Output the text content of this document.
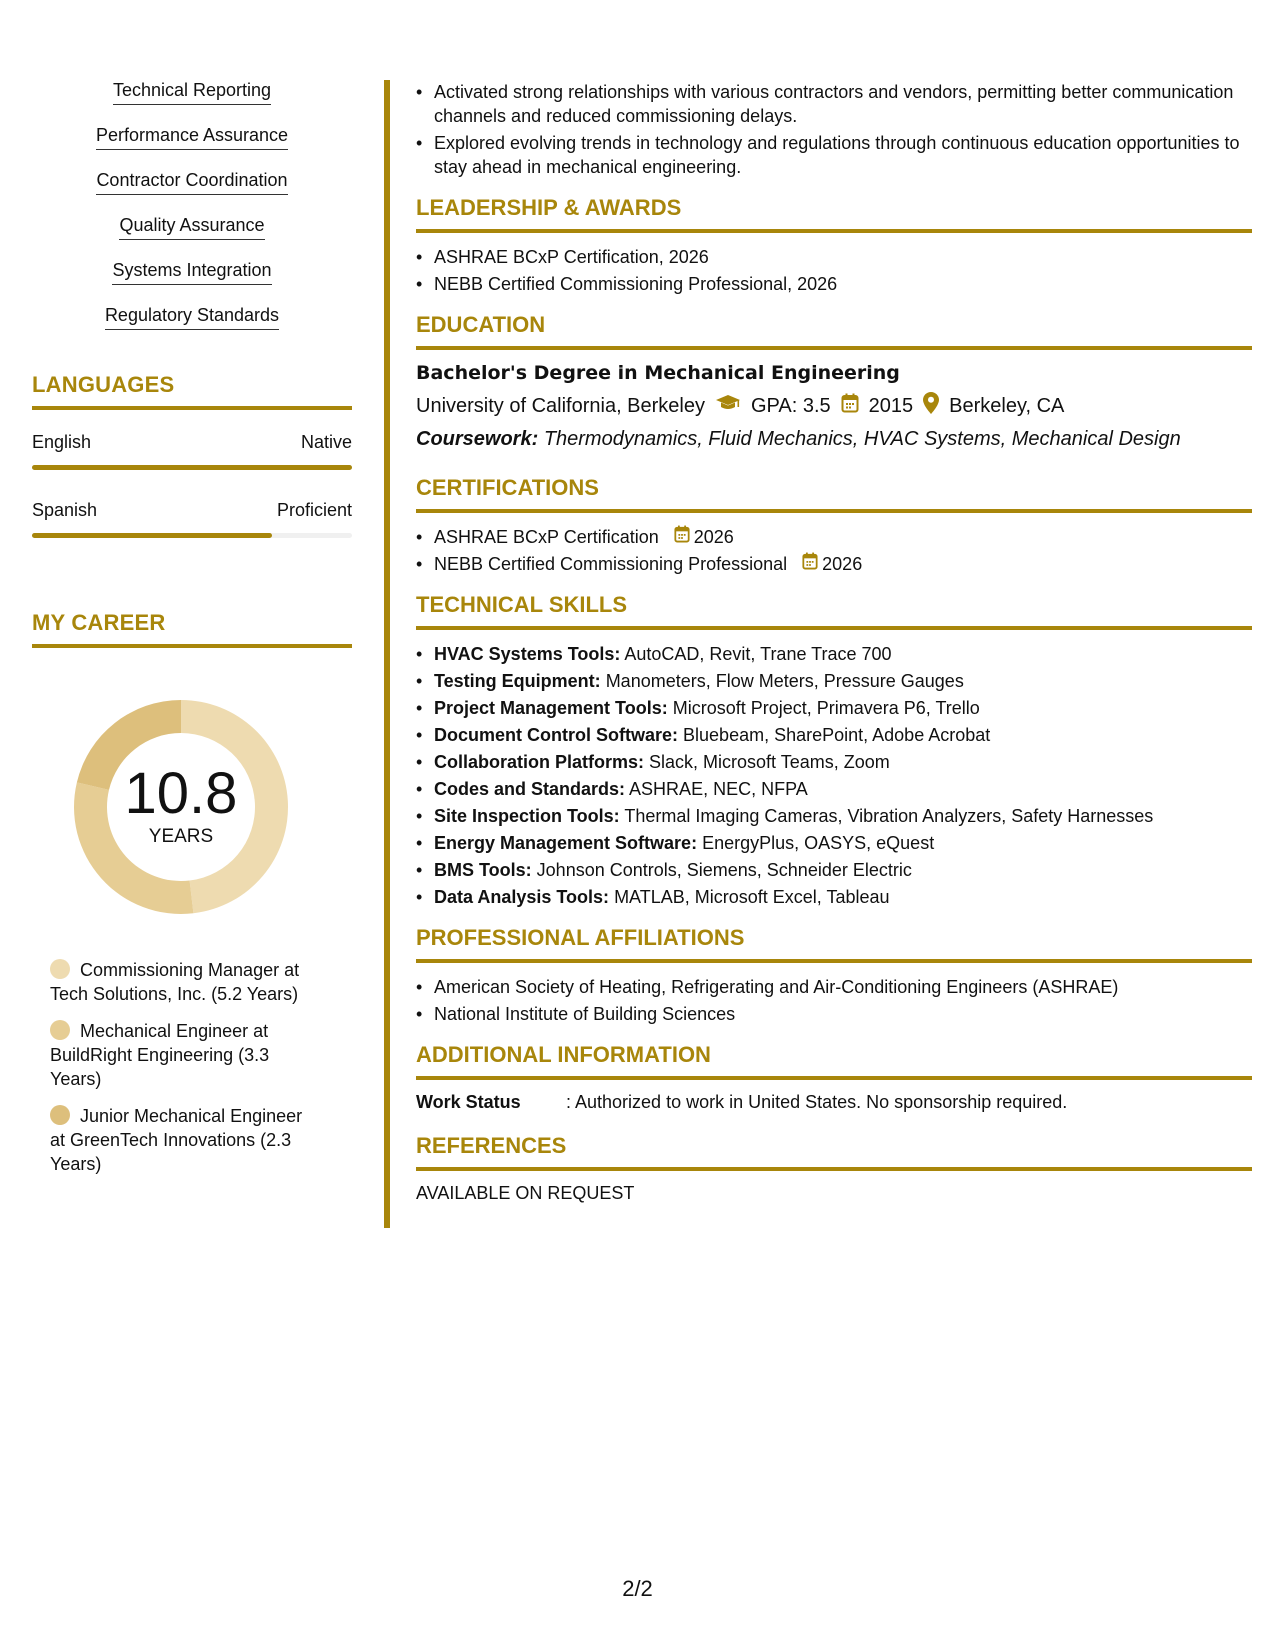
Technical Reporting
Performance Assurance
Contractor Coordination
Quality Assurance
Systems Integration
Regulatory Standards
LANGUAGES
English	Native
Spanish	Proficient
MY CAREER
10.8
YEARS
Commissioning Manager at Tech Solutions, Inc. (5.2 Years)
Mechanical Engineer at BuildRight Engineering (3.3 Years)
Junior Mechanical Engineer at GreenTech Innovations (2.3 Years)
• Activated strong relationships with various contractors and vendors, permitting better communication channels and reduced commissioning delays.
• Explored evolving trends in technology and regulations through continuous education opportunities to stay ahead in mechanical engineering.
LEADERSHIP & AWARDS
• ASHRAE BCxP Certification, 2026
• NEBB Certified Commissioning Professional, 2026
EDUCATION
Bachelor's Degree in Mechanical Engineering
University of California, Berkeley GPA: 3.5 2015 Berkeley, CA
Coursework: Thermodynamics, Fluid Mechanics, HVAC Systems, Mechanical Design
CERTIFICATIONS
• ASHRAE BCxP Certification 2026
• NEBB Certified Commissioning Professional 2026
TECHNICAL SKILLS
• HVAC Systems Tools: AutoCAD, Revit, Trane Trace 700
• Testing Equipment: Manometers, Flow Meters, Pressure Gauges
• Project Management Tools: Microsoft Project, Primavera P6, Trello
• Document Control Software: Bluebeam, SharePoint, Adobe Acrobat
• Collaboration Platforms: Slack, Microsoft Teams, Zoom
• Codes and Standards: ASHRAE, NEC, NFPA
• Site Inspection Tools: Thermal Imaging Cameras, Vibration Analyzers, Safety Harnesses
• Energy Management Software: EnergyPlus, OASYS, eQuest
• BMS Tools: Johnson Controls, Siemens, Schneider Electric
• Data Analysis Tools: MATLAB, Microsoft Excel, Tableau
PROFESSIONAL AFFILIATIONS
• American Society of Heating, Refrigerating and Air-Conditioning Engineers (ASHRAE)
• National Institute of Building Sciences
ADDITIONAL INFORMATION
Work Status	: Authorized to work in United States. No sponsorship required.
REFERENCES
AVAILABLE ON REQUEST
2/2
